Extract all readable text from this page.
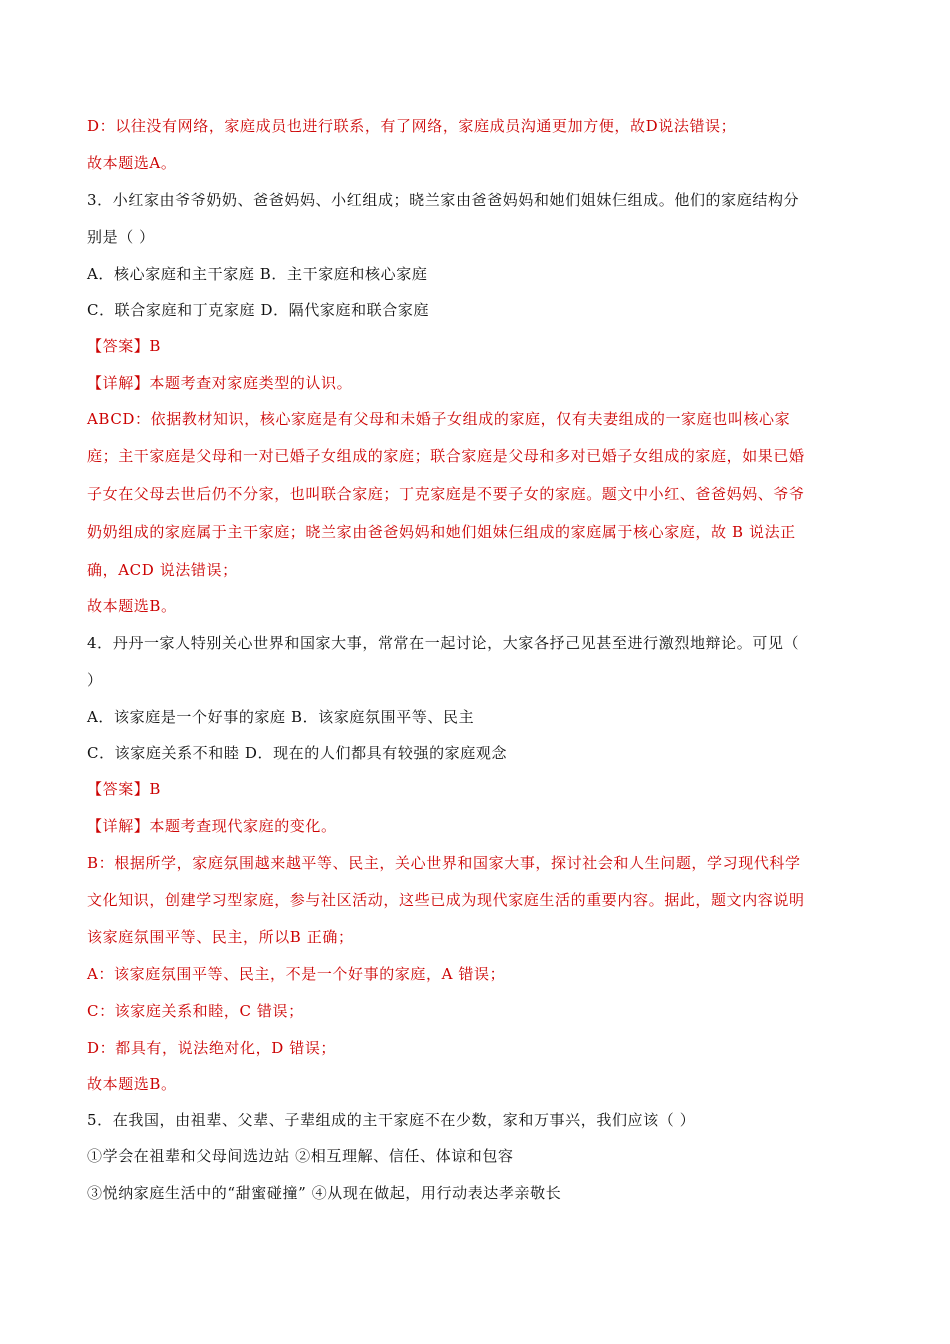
D：以往没有网络，家庭成员也进行联系，有了网络，家庭成员沟通更加方便，故D说法错误；
故本题选A。
3．小红家由爷爷奶奶、爸爸妈妈、小红组成；晓兰家由爸爸妈妈和她们姐妹仨组成。他们的家庭结构分
别是（ ）
A．核心家庭和主干家庭 B．主干家庭和核心家庭
C．联合家庭和丁克家庭 D．隔代家庭和联合家庭
【答案】B
【详解】本题考查对家庭类型的认识。
ABCD：依据教材知识，核心家庭是有父母和未婚子女组成的家庭，仅有夫妻组成的一家庭也叫核心家
庭；主干家庭是父母和一对已婚子女组成的家庭；联合家庭是父母和多对已婚子女组成的家庭，如果已婚
子女在父母去世后仍不分家，也叫联合家庭；丁克家庭是不要子女的家庭。题文中小红、爸爸妈妈、爷爷
奶奶组成的家庭属于主干家庭；晓兰家由爸爸妈妈和她们姐妹仨组成的家庭属于核心家庭，故 B 说法正
确，ACD 说法错误；
故本题选B。
4．丹丹一家人特别关心世界和国家大事，常常在一起讨论，大家各抒己见甚至进行激烈地辩论。可见（
）
A．该家庭是一个好事的家庭 B．该家庭氛围平等、民主
C．该家庭关系不和睦 D．现在的人们都具有较强的家庭观念
【答案】B
【详解】本题考查现代家庭的变化。
B：根据所学，家庭氛围越来越平等、民主，关心世界和国家大事，探讨社会和人生问题，学习现代科学
文化知识，创建学习型家庭，参与社区活动，这些已成为现代家庭生活的重要内容。据此，题文内容说明
该家庭氛围平等、民主，所以B 正确；
A：该家庭氛围平等、民主，不是一个好事的家庭，A 错误；
C：该家庭关系和睦，C 错误；
D：都具有，说法绝对化，D 错误；
故本题选B。
5．在我国，由祖辈、父辈、子辈组成的主干家庭不在少数，家和万事兴，我们应该（ ）
①学会在祖辈和父母间选边站 ②相互理解、信任、体谅和包容
③悦纳家庭生活中的“甜蜜碰撞” ④从现在做起，用行动表达孝亲敬长
